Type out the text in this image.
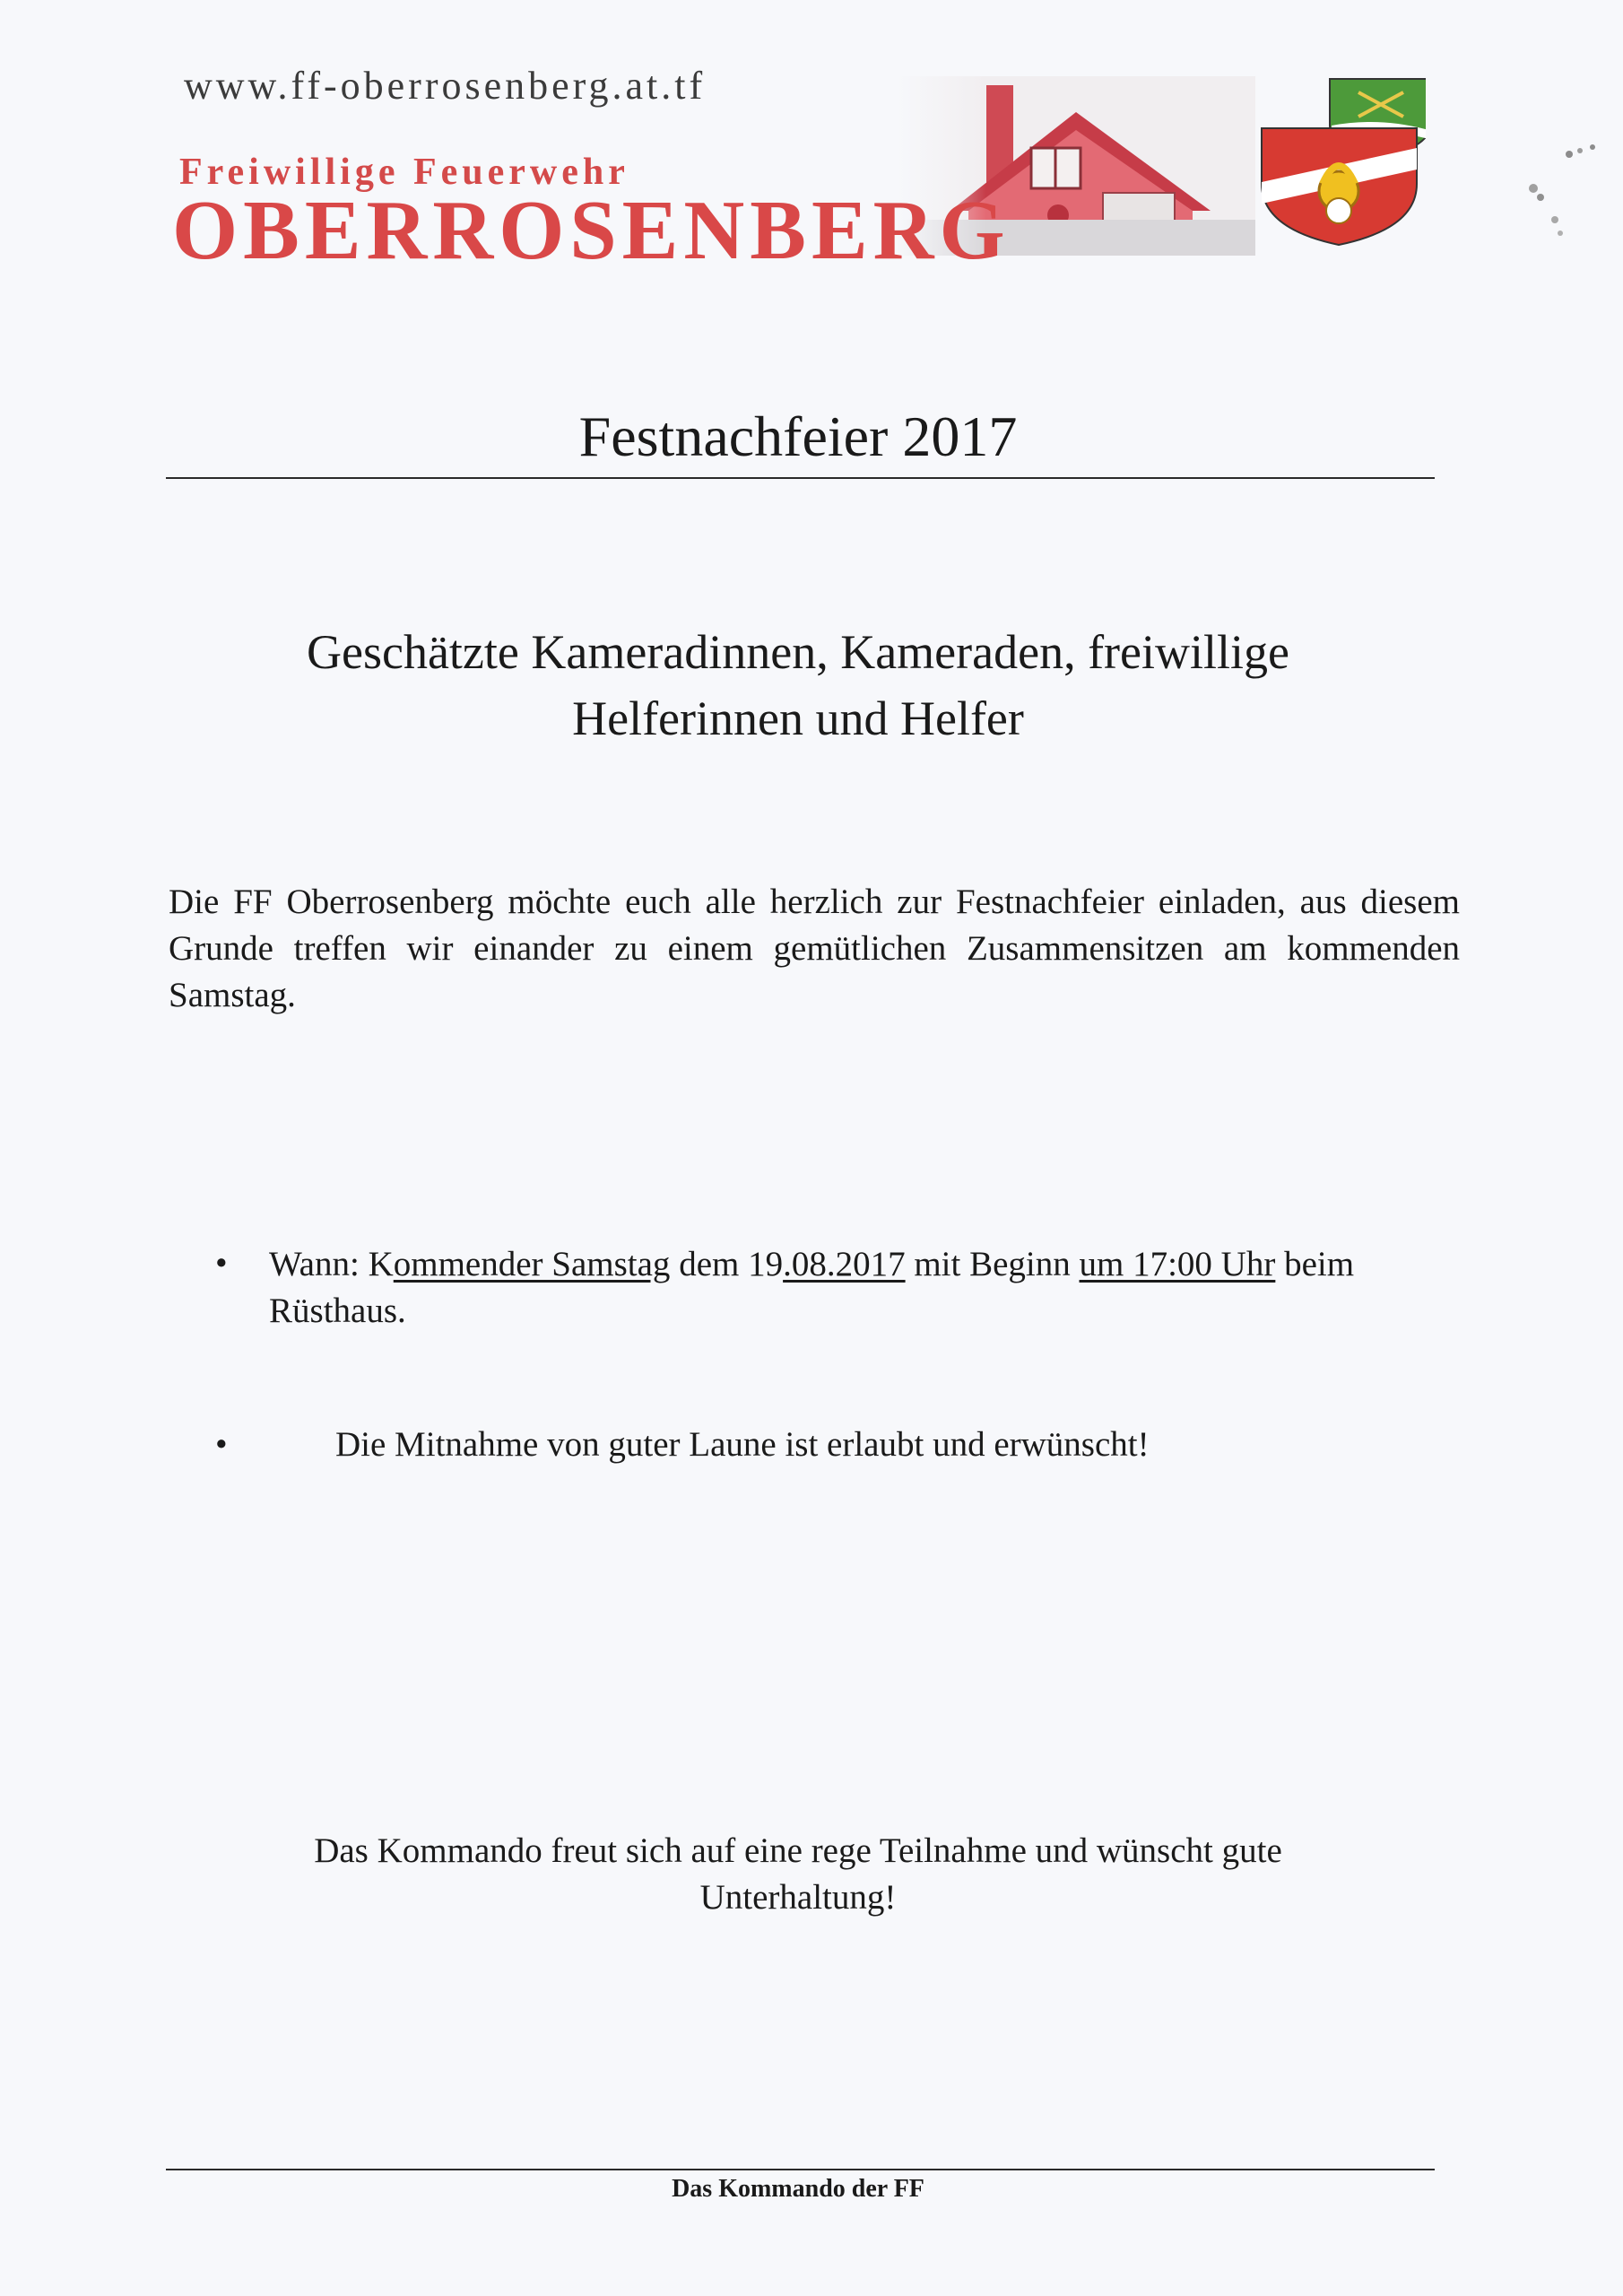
www.ff-oberrosenberg.at.tf
Freiwillige Feuerwehr
OBERROSENBERG
Festnachfeier 2017
Geschätzte Kameradinnen, Kameraden, freiwillige
Helferinnen und Helfer
Die FF Oberrosenberg möchte euch alle herzlich zur Festnachfeier einladen, aus diesem Grunde treffen wir einander zu einem gemütlichen Zusammensitzen am kommenden Samstag.
• Wann: Kommender Samstag dem 19.08.2017 mit Beginn um 17:00 Uhr beim Rüsthaus.
•	Die Mitnahme von guter Laune ist erlaubt und erwünscht!
Das Kommando freut sich auf eine rege Teilnahme und wünscht gute
Unterhaltung!
Das Kommando der FF
